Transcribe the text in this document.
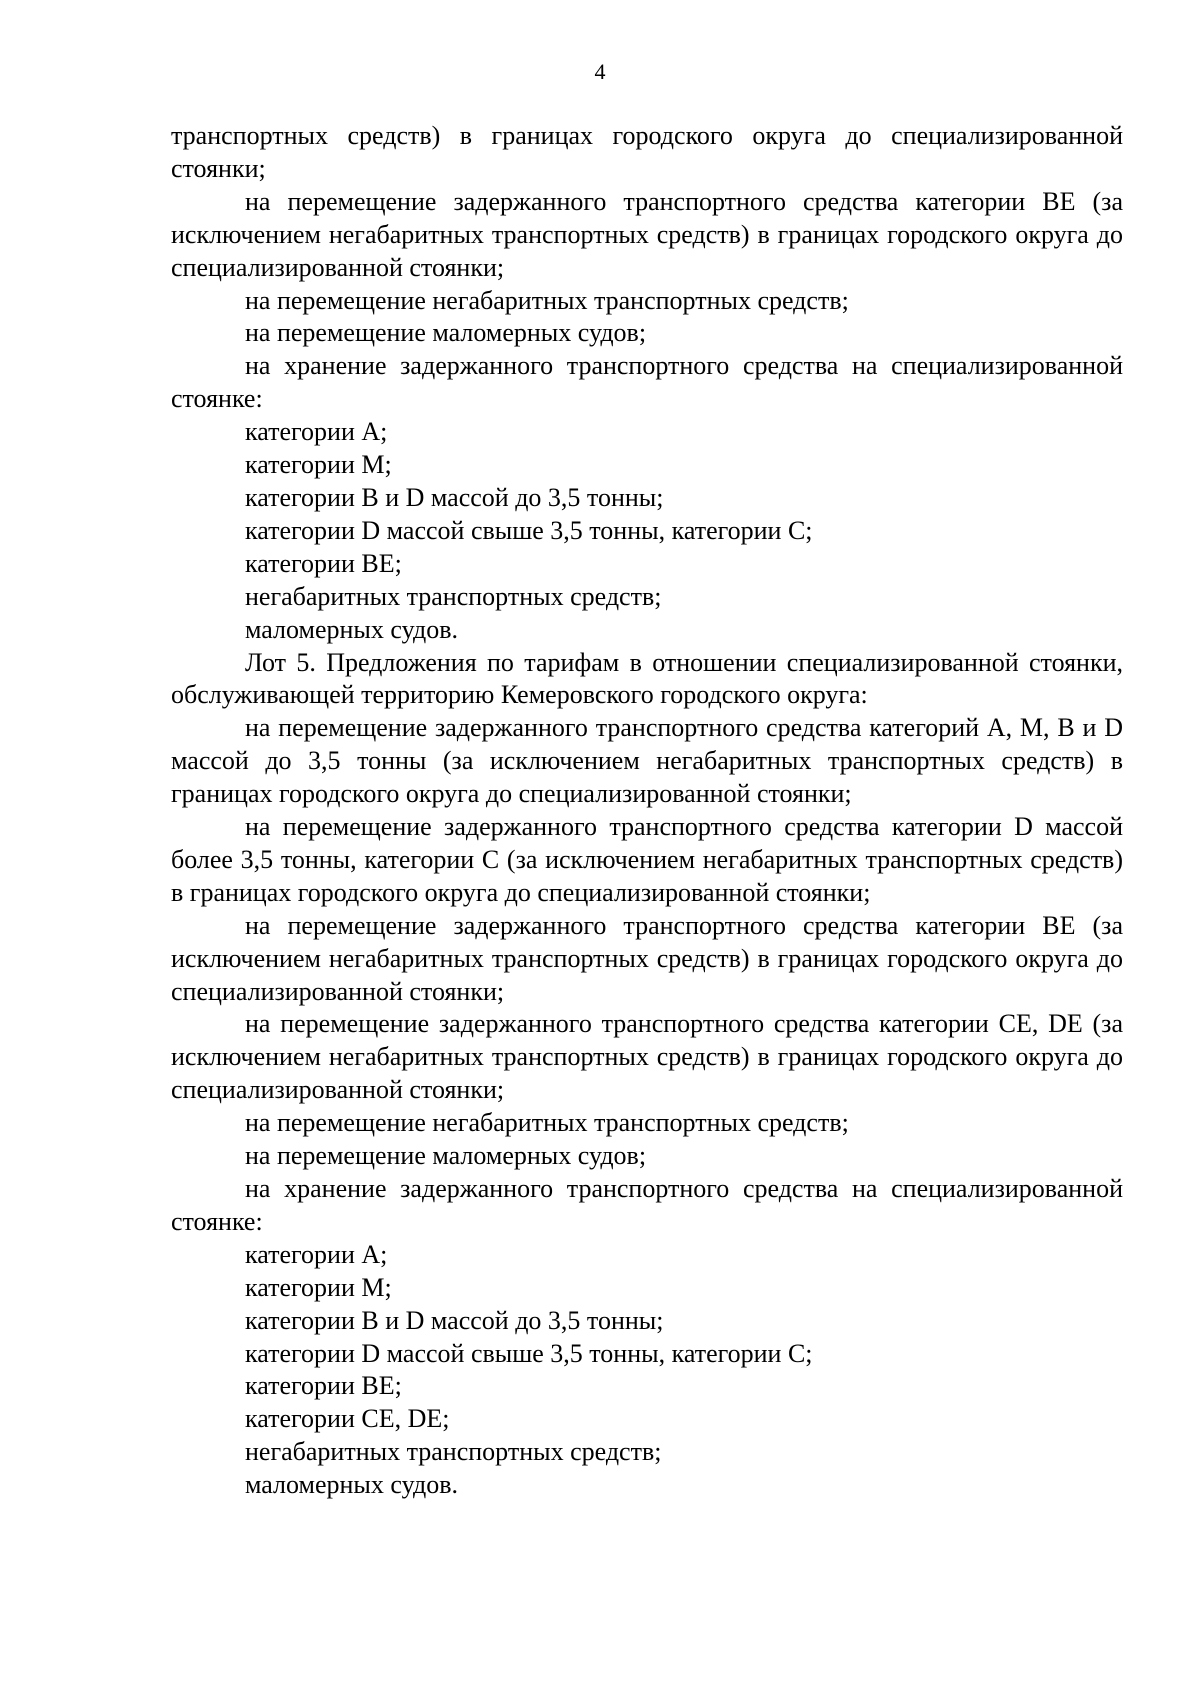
4

транспортных средств) в границах городского округа до специализированной стоянки;

на перемещение задержанного транспортного средства категории ВЕ (за исключением негабаритных транспортных средств) в границах городского округа до специализированной стоянки;

на перемещение негабаритных транспортных средств;

на перемещение маломерных судов;

на хранение задержанного транспортного средства на специализированной стоянке:

категории А;

категории М;

категории В и D массой до 3,5 тонны;

категории D массой свыше 3,5 тонны, категории С;

категории ВЕ;

негабаритных транспортных средств;

маломерных судов.

Лот 5. Предложения по тарифам в отношении специализированной стоянки, обслуживающей территорию Кемеровского городского округа:

на перемещение задержанного транспортного средства категорий А, М, В и D массой до 3,5 тонны (за исключением негабаритных транспортных средств) в границах городского округа до специализированной стоянки;

на перемещение задержанного транспортного средства категории D массой более 3,5 тонны, категории С (за исключением негабаритных транспортных средств) в границах городского округа до специализированной стоянки;

на перемещение задержанного транспортного средства категории ВЕ (за исключением негабаритных транспортных средств) в границах городского округа до специализированной стоянки;

на перемещение задержанного транспортного средства категории СЕ, DE (за исключением негабаритных транспортных средств) в границах городского округа до специализированной стоянки;

на перемещение негабаритных транспортных средств;

на перемещение маломерных судов;

на хранение задержанного транспортного средства на специализированной стоянке:

категории А;

категории М;

категории В и D массой до 3,5 тонны;

категории D массой свыше 3,5 тонны, категории С;

категории ВЕ;

категории СЕ, DE;

негабаритных транспортных средств;

маломерных судов.
